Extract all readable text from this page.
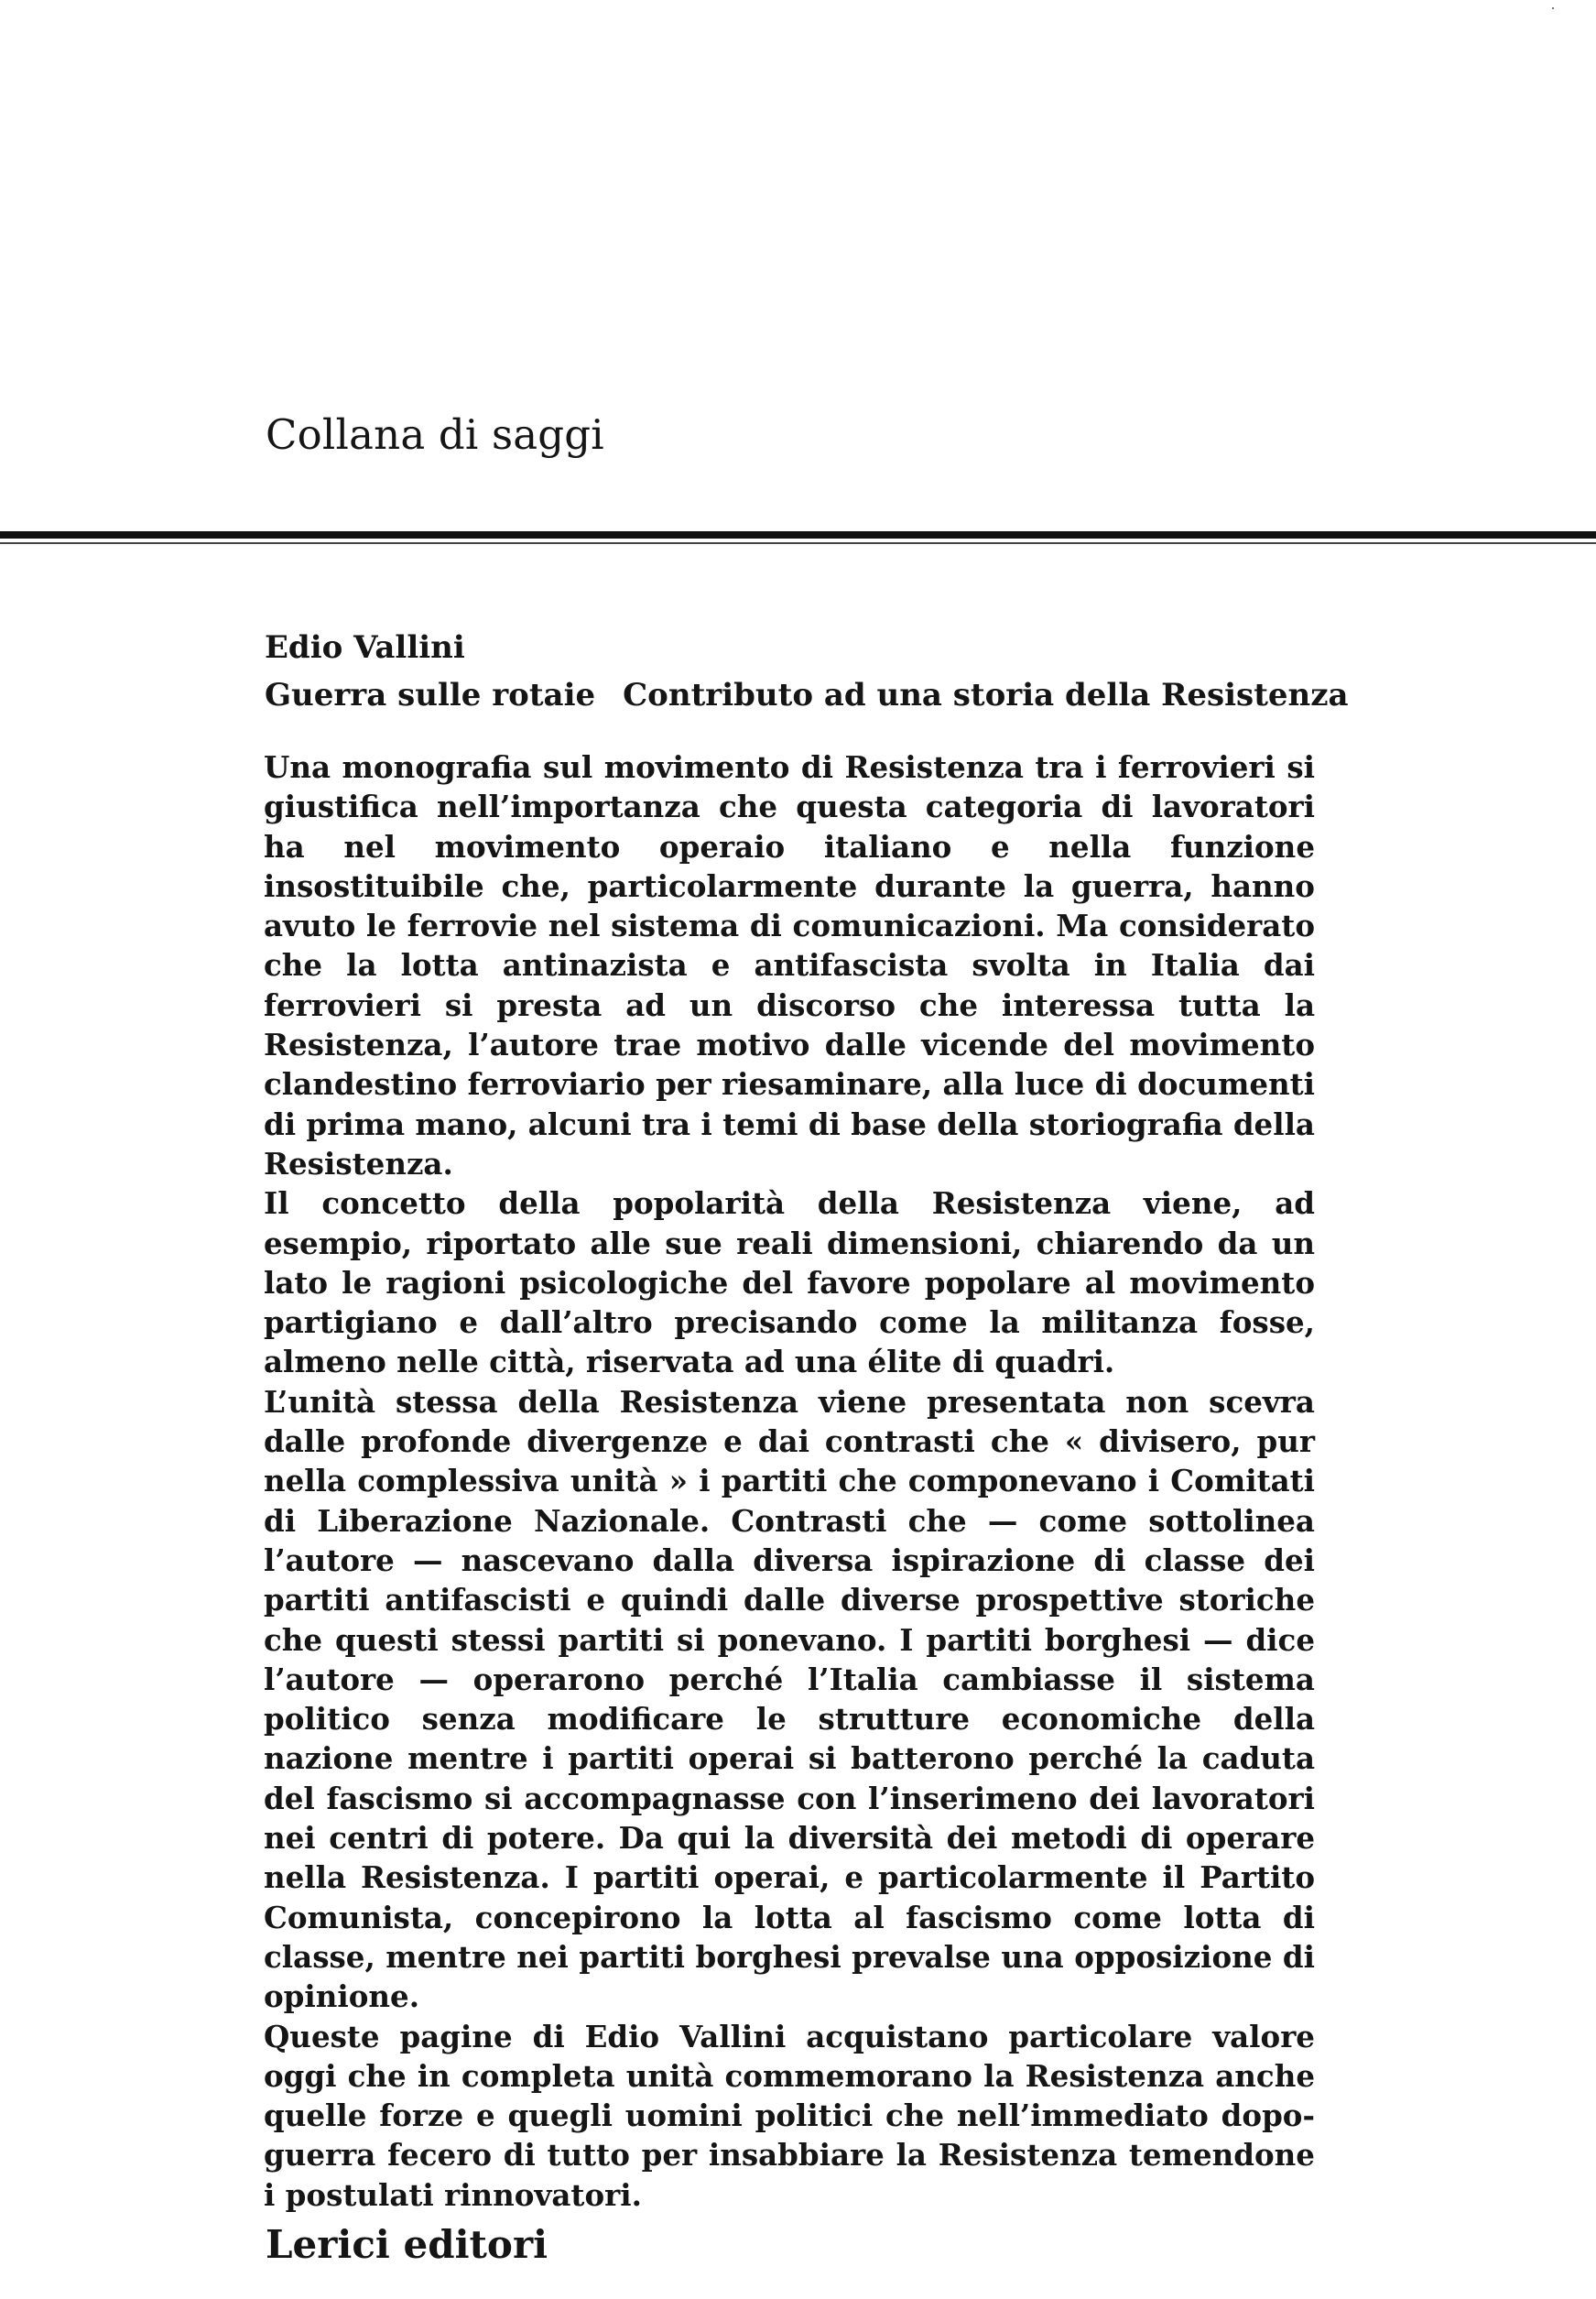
Collana di saggi
Edio Vallini
Guerra sulle rotaie Contributo ad una storia della Resistenza

Una monografia sul movimento di Resistenza tra i ferrovieri si giustifica nell’importanza che questa categoria di lavoratori ha nel movimento operaio italiano e nella funzione insostituibile che, particolarmente durante la guerra, hanno avuto le ferrovie nel sistema di comunicazioni. Ma considerato che la lotta antinazista e antifascista svolta in Italia dai ferrovieri si presta ad un discorso che interessa tutta la Resistenza, l’autore trae motivo dalle vicende del movimento clandestino ferroviario per riesaminare, alla luce di documenti di prima mano, alcuni tra i temi di base della storiografia della Resistenza.

Il concetto della popolarità della Resistenza viene, ad esempio, riportato alle sue reali dimensioni, chiarendo da un lato le ragioni psicologiche del favore popolare al movimento partigiano e dall’altro precisando come la militanza fosse, almeno nelle città, riservata ad una élite di quadri.

L’unità stessa della Resistenza viene presentata non scevra dalle profonde divergenze e dai contrasti che « divisero, pur nella complessiva unità » i partiti che componevano i Comitati di Liberazione Nazionale. Contrasti che — come sottolinea l’autore — nascevano dalla diversa ispirazione di classe dei partiti antifascisti e quindi dalle diverse prospettive storiche che questi stessi partiti si ponevano. I partiti borghesi — dice l’autore — operarono perché l’Italia cambiasse il sistema politico senza modificare le strutture economiche della nazione mentre i partiti operai si batterono perché la caduta del fascismo si accompagnasse con l’inserimeno dei lavoratori nei centri di potere. Da qui la diversità dei metodi di operare nella Resistenza. I partiti operai, e particolarmente il Partito Comunista, concepirono la lotta al fascismo come lotta di classe, mentre nei partiti borghesi prevalse una opposizione di opinione.

Queste pagine di Edio Vallini acquistano particolare valore oggi che in completa unità commemorano la Resistenza anche quelle forze e quegli uomini politici che nell’immediato dopoguerra fecero di tutto per insabbiare la Resistenza temendone i postulati rinnovatori.

Lerici editori
